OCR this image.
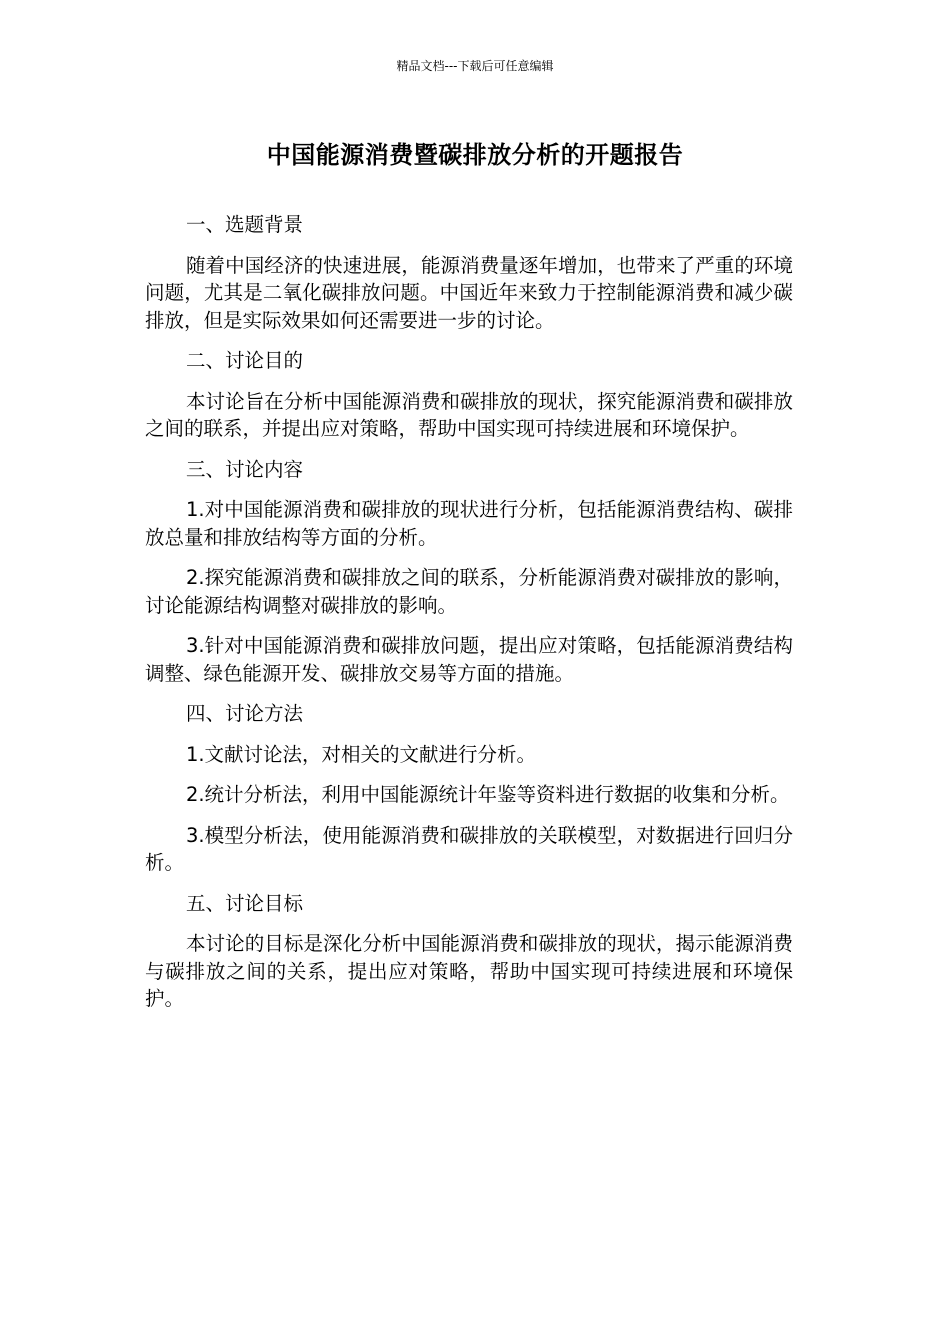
精品文档---下载后可任意编辑
中国能源消费暨碳排放分析的开题报告

一、选题背景

随着中国经济的快速进展，能源消费量逐年增加，也带来了严重的环境问题，尤其是二氧化碳排放问题。中国近年来致力于控制能源消费和减少碳排放，但是实际效果如何还需要进一步的讨论。

二、讨论目的

本讨论旨在分析中国能源消费和碳排放的现状，探究能源消费和碳排放之间的联系，并提出应对策略，帮助中国实现可持续进展和环境保护。

三、讨论内容

1.对中国能源消费和碳排放的现状进行分析，包括能源消费结构、碳排放总量和排放结构等方面的分析。

2.探究能源消费和碳排放之间的联系，分析能源消费对碳排放的影响，讨论能源结构调整对碳排放的影响。

3.针对中国能源消费和碳排放问题，提出应对策略，包括能源消费结构调整、绿色能源开发、碳排放交易等方面的措施。

四、讨论方法

1.文献讨论法，对相关的文献进行分析。

2.统计分析法，利用中国能源统计年鉴等资料进行数据的收集和分析。

3.模型分析法，使用能源消费和碳排放的关联模型，对数据进行回归分析。

五、讨论目标

本讨论的目标是深化分析中国能源消费和碳排放的现状，揭示能源消费与碳排放之间的关系，提出应对策略，帮助中国实现可持续进展和环境保护。
